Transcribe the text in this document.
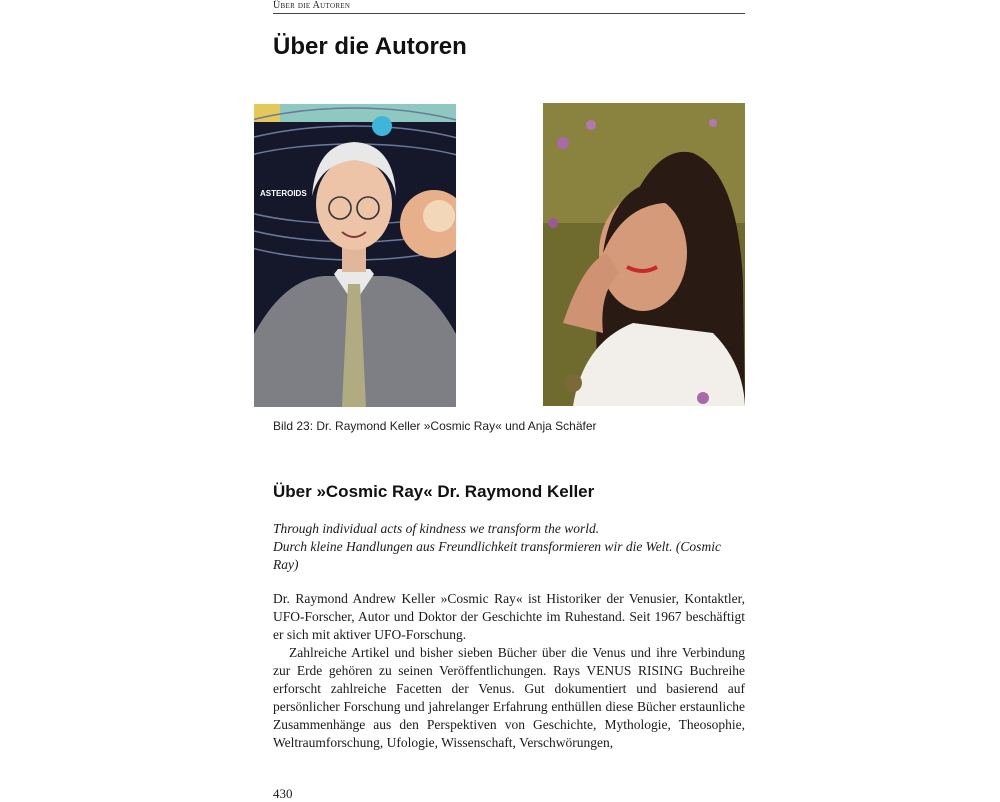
Über die Autoren
Über die Autoren
ASTEROIDS
Bild 23: Dr. Raymond Keller »Cosmic Ray« und Anja Schäfer
Über »Cosmic Ray« Dr. Raymond Keller

Through individual acts of kindness we transform the world.

Durch kleine Handlungen aus Freundlichkeit transformieren wir die Welt. (Cosmic Ray)

Dr. Raymond Andrew Keller »Cosmic Ray« ist Historiker der Venusier, Kontaktler, UFO-Forscher, Autor und Doktor der Geschichte im Ruhestand. Seit 1967 beschäftigt er sich mit aktiver UFO-Forschung.

Zahlreiche Artikel und bisher sieben Bücher über die Venus und ihre Verbindung zur Erde gehören zu seinen Veröffentlichungen. Rays VENUS RISING Buchreihe erforscht zahlreiche Facetten der Venus. Gut dokumentiert und basierend auf persönlicher Forschung und jahrelanger Erfahrung enthüllen diese Bücher erstaunliche Zusammenhänge aus den Perspektiven von Geschichte, Mythologie, Theosophie, Weltraumforschung, Ufologie, Wissenschaft, Verschwörungen,

430
